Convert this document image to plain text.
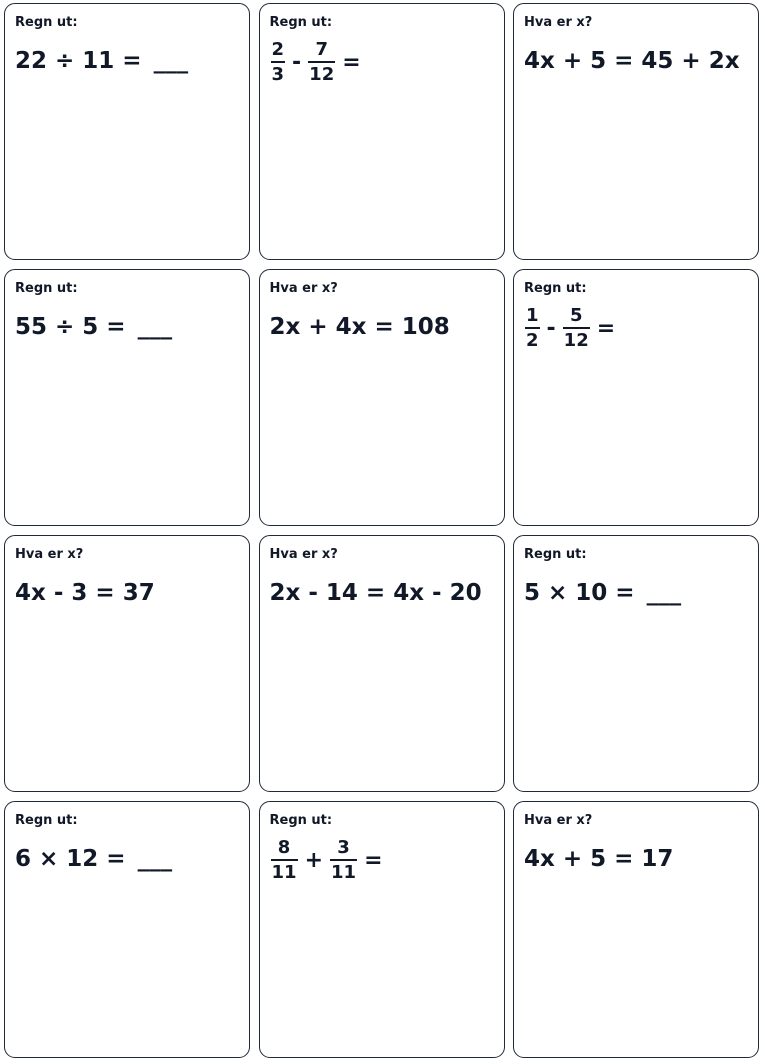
Regn ut:
22 ÷ 11 = ___
Regn ut:
$\frac{2}{3} - \frac{7}{12}$ =
Hva er x?
4x + 5 = 45 + 2x
Regn ut:
55 ÷ 5 = ___
Hva er x?
2x + 4x = 108
Regn ut:
$\frac{1}{2} - \frac{5}{12}$ =
Hva er x?
4x - 3 = 37
Hva er x?
2x - 14 = 4x - 20
Regn ut:
5 × 10 = ___
Regn ut:
6 × 12 = ___
Regn ut:
$\frac{8}{11} + \frac{3}{11}$ =
Hva er x?
4x + 5 = 17
